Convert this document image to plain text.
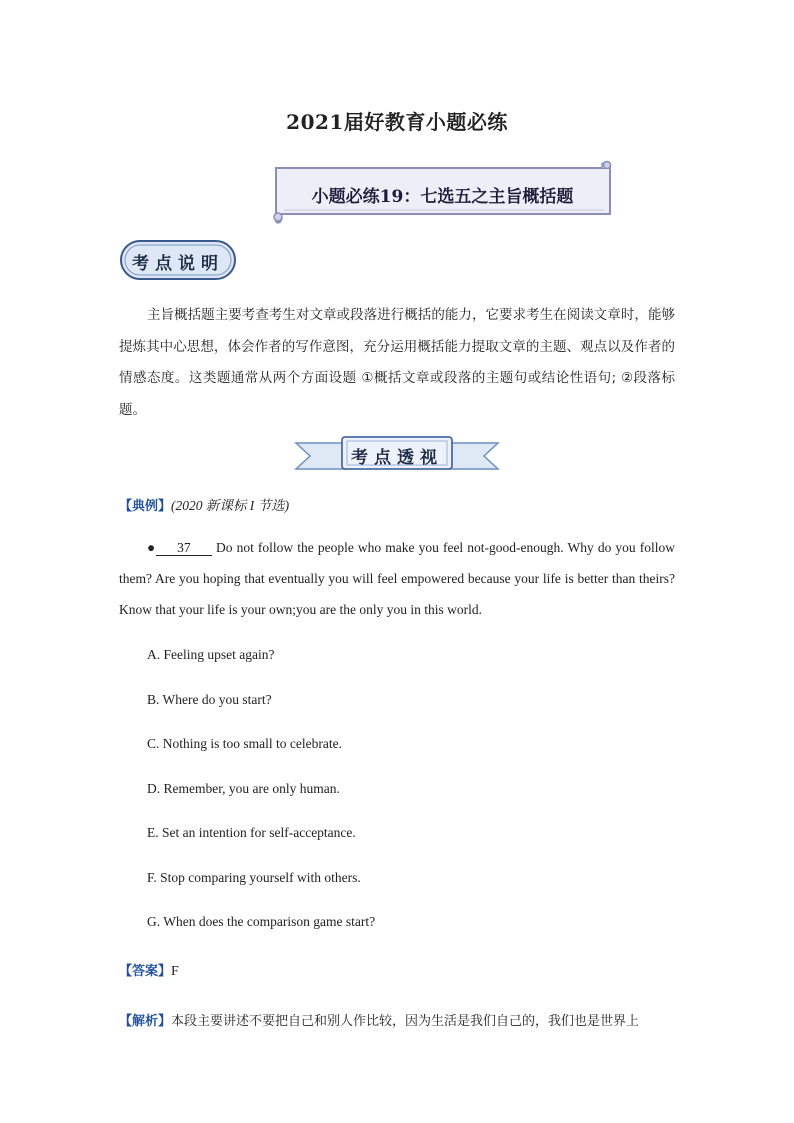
2021届好教育小题必练
小题必练19：七选五之主旨概括题
考点说明
主旨概括题主要考查考生对文章或段落进行概括的能力，它要求考生在阅读文章时，能够提炼其中心思想，体会作者的写作意图，充分运用概括能力提取文章的主题、观点以及作者的情感态度。这类题通常从两个方面设题 ①概括文章或段落的主题句或结论性语句; ②段落标题。
考点透视
【典例】(2020 新课标 I 节选)
● 37 Do not follow the people who make you feel not-good-enough. Why do you follow them? Are you hoping that eventually you will feel empowered because your life is better than theirs? Know that your life is your own;you are the only you in this world.
A. Feeling upset again?
B. Where do you start?
C. Nothing is too small to celebrate.
D. Remember, you are only human.
E. Set an intention for self-acceptance.
F. Stop comparing yourself with others.
G. When does the comparison game start?
【答案】F
【解析】本段主要讲述不要把自己和别人作比较，因为生活是我们自己的，我们也是世界上
